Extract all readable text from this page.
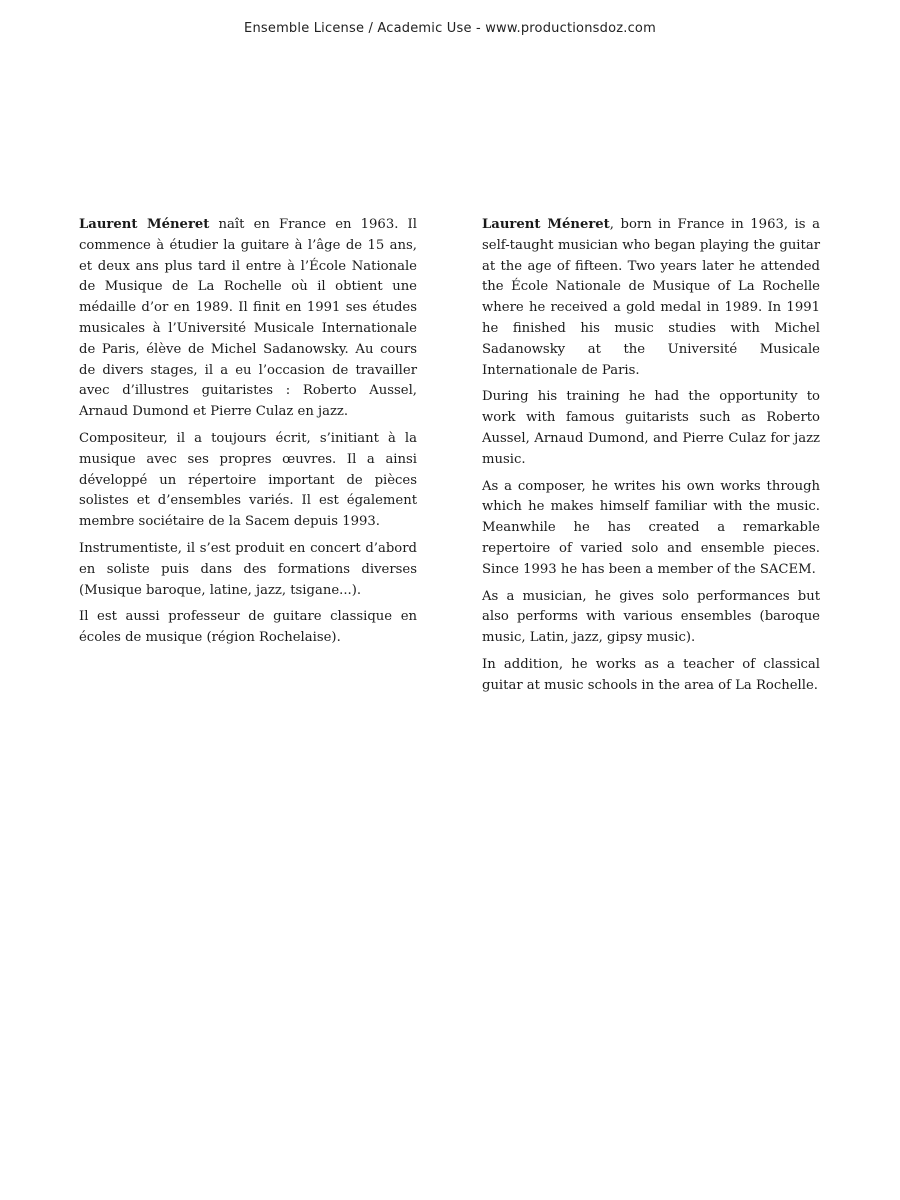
Ensemble License / Academic Use - www.productionsdoz.com

Laurent Méneret naît en France en 1963. Il commence à étudier la guitare à l’âge de 15 ans, et deux ans plus tard il entre à l’École Nationale de Musique de La Rochelle où il obtient une médaille d’or en 1989. Il finit en 1991 ses études musicales à l’Université Musicale Internationale de Paris, élève de Michel Sadanowsky. Au cours de divers stages, il a eu l’occasion de travailler avec d’illustres guitaristes : Roberto Aussel, Arnaud Dumond et Pierre Culaz en jazz.

Compositeur, il a toujours écrit, s’initiant à la musique avec ses propres œuvres. Il a ainsi développé un répertoire important de pièces solistes et d’ensembles variés. Il est également membre sociétaire de la Sacem depuis 1993.

Instrumentiste, il s’est produit en concert d’abord en soliste puis dans des formations diverses (Musique baroque, latine, jazz, tsigane...).

Il est aussi professeur de guitare classique en écoles de musique (région Rochelaise).

Laurent Méneret, born in France in 1963, is a self-taught musician who began playing the guitar at the age of fifteen. Two years later he attended the École Nationale de Musique of La Rochelle where he received a gold medal in 1989. In 1991 he finished his music studies with Michel Sadanowsky at the Université Musicale Internationale de Paris.

During his training he had the opportunity to work with famous guitarists such as Roberto Aussel, Arnaud Dumond, and Pierre Culaz for jazz music.

As a composer, he writes his own works through which he makes himself familiar with the music. Meanwhile he has created a remarkable repertoire of varied solo and ensemble pieces. Since 1993 he has been a member of the SACEM.

As a musician, he gives solo performances but also performs with various ensembles (baroque music, Latin, jazz, gipsy music).

In addition, he works as a teacher of classical guitar at music schools in the area of La Rochelle.
